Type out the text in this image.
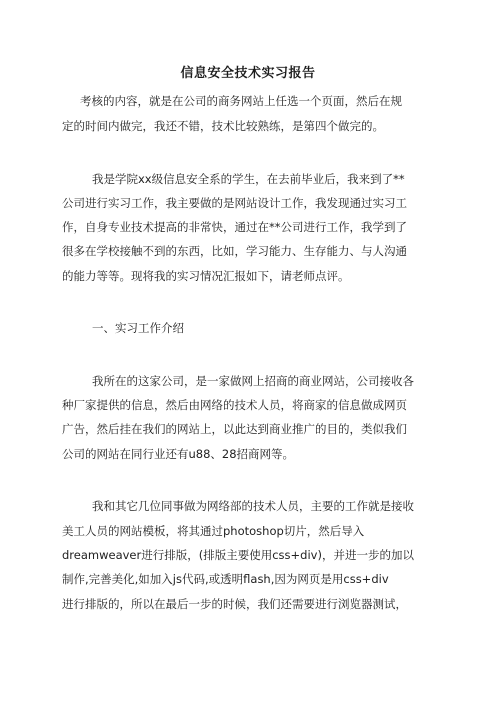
信息安全技术实习报告
考核的内容，就是在公司的商务网站上任选一个页面，然后在规
定的时间内做完，我还不错，技术比较熟练，是第四个做完的。
我是学院xx级信息安全系的学生，在去前毕业后，我来到了**
公司进行实习工作，我主要做的是网站设计工作，我发现通过实习工
作，自身专业技术提高的非常快，通过在**公司进行工作，我学到了
很多在学校接触不到的东西，比如，学习能力、生存能力、与人沟通
的能力等等。现将我的实习情况汇报如下，请老师点评。
一、实习工作介绍
我所在的这家公司，是一家做网上招商的商业网站，公司接收各
种厂家提供的信息，然后由网络的技术人员，将商家的信息做成网页
广告，然后挂在我们的网站上，以此达到商业推广的目的，类似我们
公司的网站在同行业还有u88、28招商网等。
我和其它几位同事做为网络部的技术人员，主要的工作就是接收
美工人员的网站模板，将其通过photoshop切片，然后导入
dreamweaver进行排版，(排版主要使用css+div)，并进一步的加以
制作,完善美化,如加入js代码,或透明flash,因为网页是用css+div
进行排版的，所以在最后一步的时候，我们还需要进行浏览器测试，
